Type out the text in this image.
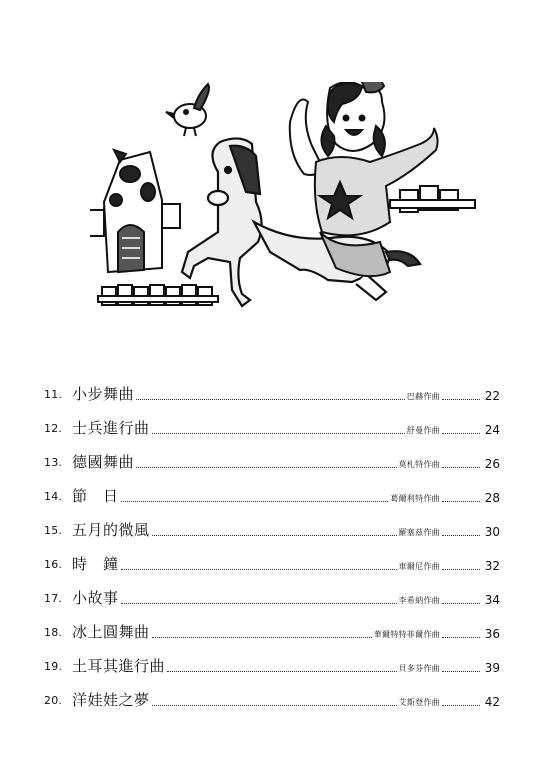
11. 小步舞曲	巴赫作曲	22
12. 士兵進行曲	舒曼作曲	24
13. 德國舞曲	莫札特作曲	26
14. 節　日	葛爾利特作曲	28
15. 五月的微風	羅塞茲作曲	30
16. 時　鐘	車爾尼作曲	32
17. 小故事	李希納作曲	34
18. 冰上圓舞曲	華爾特特菲爾作曲	36
19. 土耳其進行曲	貝多芬作曲	39
20. 洋娃娃之夢	艾斯登作曲	42
